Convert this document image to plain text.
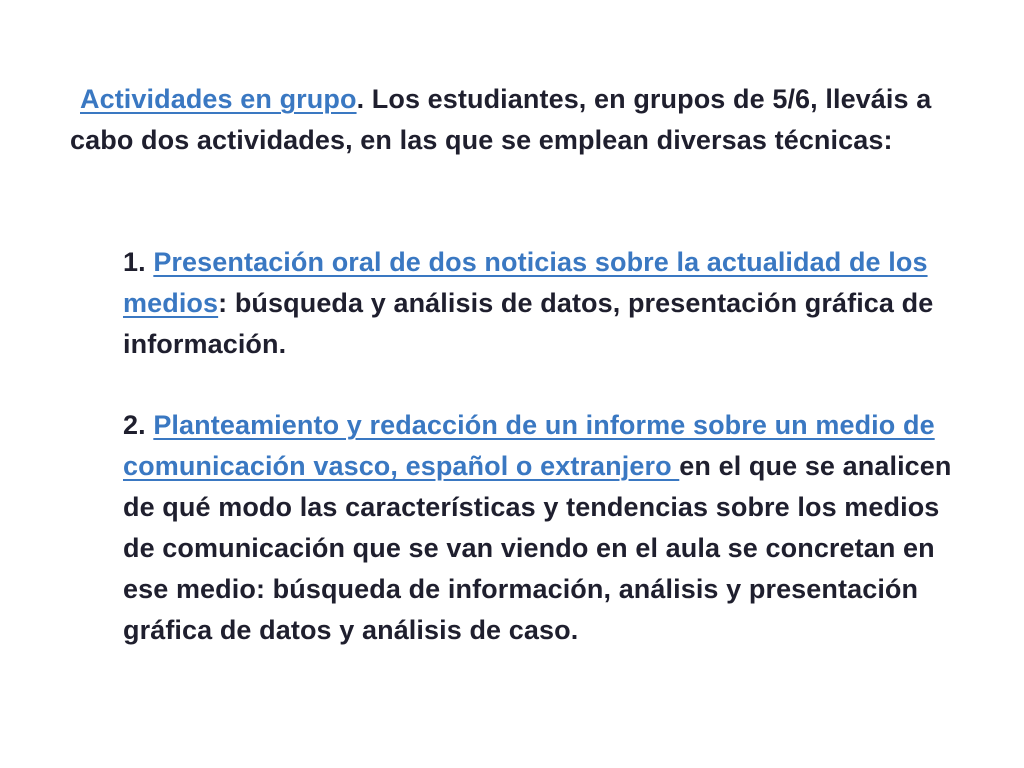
Actividades en grupo. Los estudiantes, en grupos de 5/6, lleváis a cabo dos actividades, en las que se emplean diversas técnicas:

1. Presentación oral de dos noticias sobre la actualidad de los medios: búsqueda y análisis de datos, presentación gráfica de información.

2. Planteamiento y redacción de un informe sobre un medio de comunicación vasco, español o extranjero en el que se analicen de qué modo las características y tendencias sobre los medios de comunicación que se van viendo en el aula se concretan en ese medio: búsqueda de información, análisis y presentación gráfica de datos y análisis de caso.
